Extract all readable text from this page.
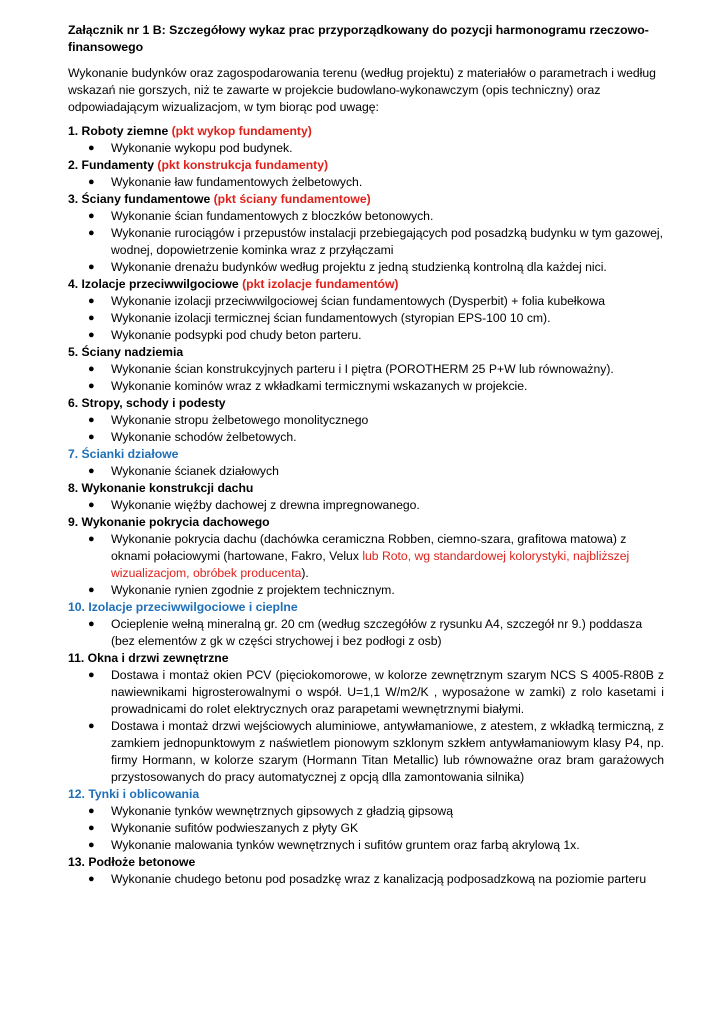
Załącznik nr 1 B: Szczegółowy wykaz prac przyporządkowany do pozycji harmonogramu rzeczowo-finansowego

Wykonanie budynków oraz zagospodarowania terenu (według projektu) z materiałów o parametrach i według wskazań nie gorszych, niż te zawarte w projekcie budowlano-wykonawczym (opis techniczny) oraz odpowiadającym wizualizacjom, w tym biorąc pod uwagę:

1. Roboty ziemne (pkt wykop fundamenty)

● Wykonanie wykopu pod budynek.

2. Fundamenty (pkt konstrukcja fundamenty)

● Wykonanie ław fundamentowych żelbetowych.

3. Ściany fundamentowe (pkt ściany fundamentowe)

● Wykonanie ścian fundamentowych z bloczków betonowych.
● Wykonanie rurociągów i przepustów instalacji przebiegających pod posadzką budynku w tym gazowej, wodnej, dopowietrzenie kominka wraz z przyłączami
● Wykonanie drenażu budynków według projektu z jedną studzienką kontrolną dla każdej nici.

4. Izolacje przeciwwilgociowe (pkt izolacje fundamentów)

● Wykonanie izolacji przeciwwilgociowej ścian fundamentowych (Dysperbit) + folia kubełkowa
● Wykonanie izolacji termicznej ścian fundamentowych (styropian EPS-100 10 cm).
● Wykonanie podsypki pod chudy beton parteru.

5. Ściany nadziemia

● Wykonanie ścian konstrukcyjnych parteru i I piętra (POROTHERM 25 P+W lub równoważny).
● Wykonanie kominów wraz z wkładkami termicznymi wskazanych w projekcie.

6. Stropy, schody i podesty

● Wykonanie stropu żelbetowego monolitycznego
● Wykonanie schodów żelbetowych.

7. Ścianki działowe

● Wykonanie ścianek działowych

8. Wykonanie konstrukcji dachu

● Wykonanie więźby dachowej z drewna impregnowanego.

9. Wykonanie pokrycia dachowego

● Wykonanie pokrycia dachu (dachówka ceramiczna Robben, ciemno-szara, grafitowa matowa) z oknami połaciowymi (hartowane, Fakro, Velux lub Roto, wg standardowej kolorystyki, najbliższej wizualizacjom, obróbek producenta).
● Wykonanie rynien zgodnie z projektem technicznym.

10. Izolacje przeciwwilgociowe i cieplne

● Ocieplenie wełną mineralną gr. 20 cm (według szczegółów z rysunku A4, szczegół nr 9.) poddasza (bez elementów z gk w części strychowej i bez podłogi z osb)

11. Okna i drzwi zewnętrzne

● Dostawa i montaż okien PCV (pięciokomorowe, w kolorze zewnętrznym szarym NCS S 4005-R80B z nawiewnikami higrosterowalnymi o współ. U=1,1 W/m2/K , wyposażone w zamki) z rolo kasetami i prowadnicami do rolet elektrycznych oraz parapetami wewnętrznymi białymi.
● Dostawa i montaż drzwi wejściowych aluminiowe, antywłamaniowe, z atestem, z wkładką termiczną, z zamkiem jednopunktowym z naświetlem pionowym szklonym szkłem antywłamaniowym klasy P4, np. firmy Hormann, w kolorze szarym (Hormann Titan Metallic) lub równoważne oraz bram garażowych przystosowanych do pracy automatycznej z opcją dlla zamontowania silnika)

12. Tynki i oblicowania

● Wykonanie tynków wewnętrznych gipsowych z gładzią gipsową
● Wykonanie sufitów podwieszanych z płyty GK
● Wykonanie malowania tynków wewnętrznych i sufitów gruntem oraz farbą akrylową 1x.

13. Podłoże betonowe

● Wykonanie chudego betonu pod posadzkę wraz z kanalizacją podposadzkową na poziomie parteru
